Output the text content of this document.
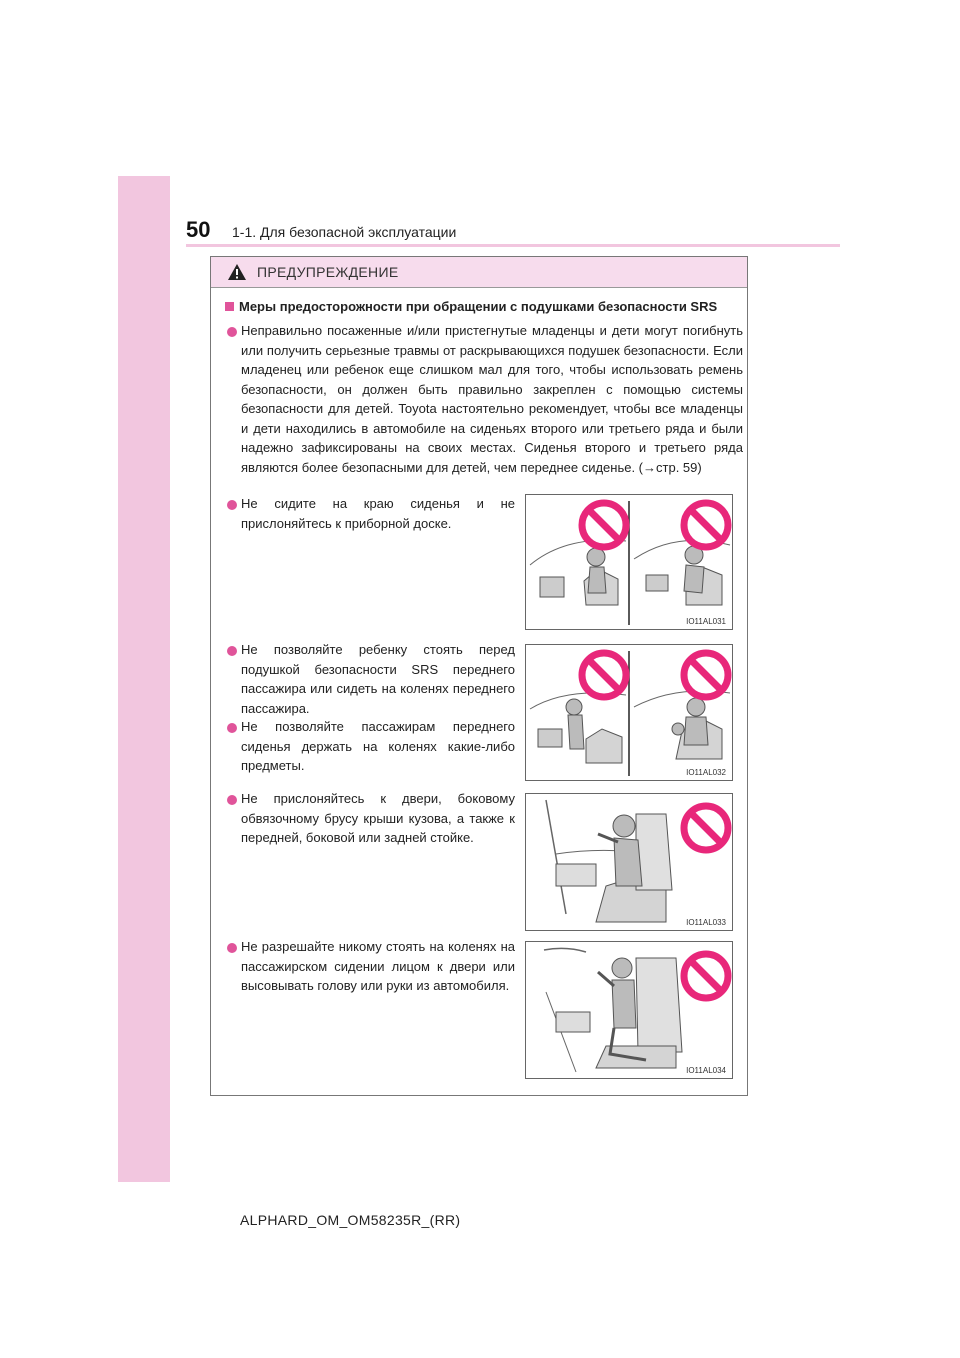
50 1-1. Для безопасной эксплуатации
ПРЕДУПРЕЖДЕНИЕ
Меры предосторожности при обращении с подушками безопасности SRS
Неправильно посаженные и/или пристегнутые младенцы и дети могут погибнуть или получить серьезные травмы от раскрывающихся подушек безопасности. Если младенец или ребенок еще слишком мал для того, чтобы использовать ремень безопасности, он должен быть правильно закреплен с помощью системы безопасности для детей. Toyota настоятельно рекомендует, чтобы все младенцы и дети находились в автомобиле на сиденьях второго или третьего ряда и были надежно зафиксированы на своих местах. Сиденья второго и третьего ряда являются более безопасными для детей, чем переднее сиденье. (→стр. 59)
Не сидите на краю сиденья и не прислоняйтесь к приборной доске.
Не позволяйте ребенку стоять перед подушкой безопасности SRS переднего пассажира или сидеть на коленях переднего пассажира.
Не позволяйте пассажирам переднего сиденья держать на коленях какие-либо предметы.
Не прислоняйтесь к двери, боковому обвязочному брусу крыши кузова, а также к передней, боковой или задней стойке.
Не разрешайте никому стоять на коленях на пассажирском сидении лицом к двери или высовывать голову или руки из автомобиля.
IO11AL031
IO11AL032
IO11AL033
IO11AL034
ALPHARD_OM_OM58235R_(RR)
